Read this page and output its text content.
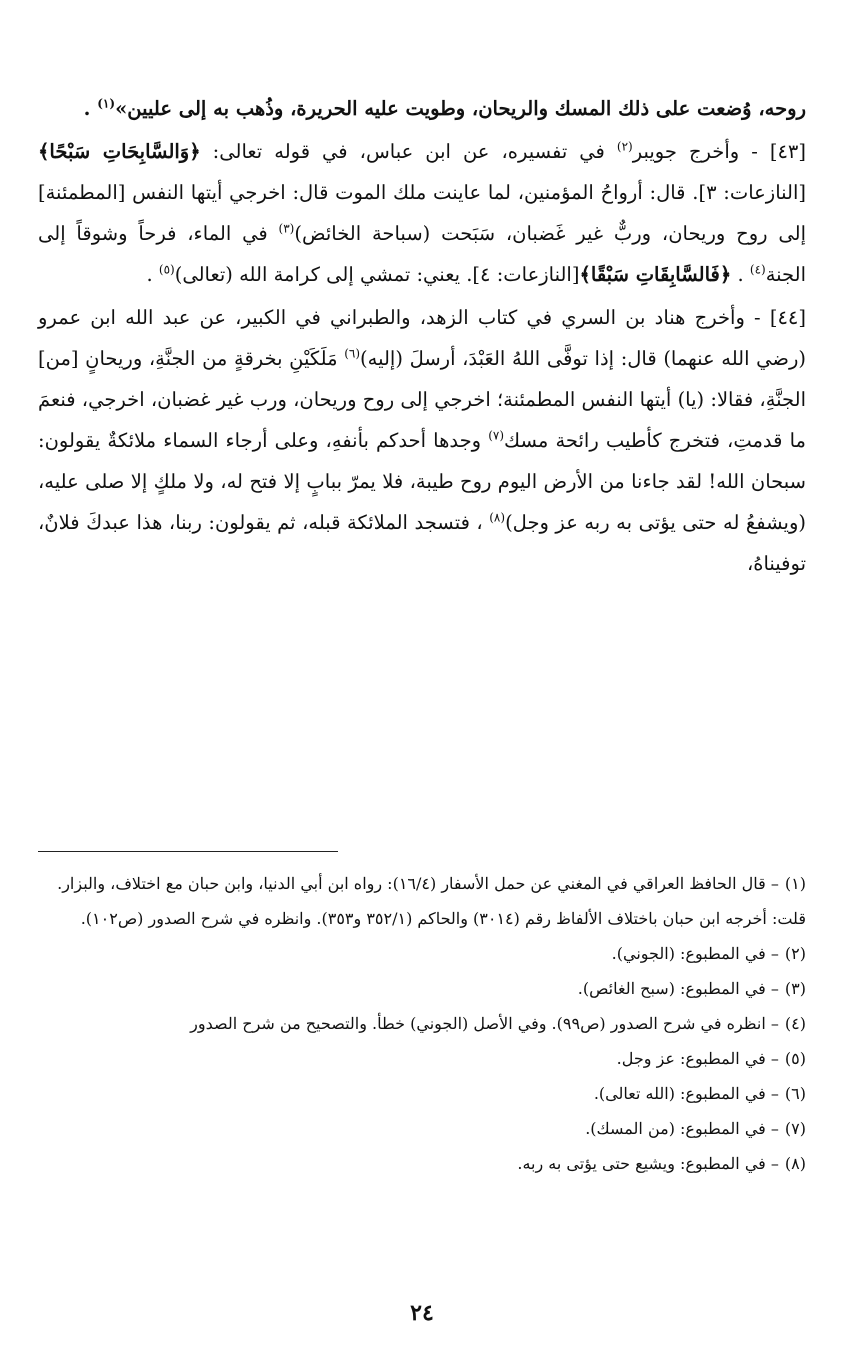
روحه، وُضعت على ذلك المسك والريحان، وطويت عليه الحريرة، وذُهب به إلى عليين»$^{(١)}$ .

[٤٣] - وأخرج جويبر$^{(٢)}$ في تفسيره، عن ابن عباس، في قوله تعالى: ﴿وَالسَّابِحَاتِ سَبْحًا﴾[النازعات: ٣]. قال: أرواحُ المؤمنين، لما عاينت ملك الموت قال: اخرجي أيتها النفس [المطمئنة] إلى روح وريحان، وربٌّ غير غَضبان، سَبَحت (سباحة الخائض)$^{(٣)}$ في الماء، فرحاً وشوقاً إلى الجنة$^{(٤)}$ . ﴿فَالسَّابِقَاتِ سَبْقًا﴾[النازعات: ٤]. يعني: تمشي إلى كرامة الله (تعالى)$^{(٥)}$ .

[٤٤] - وأخرج هناد بن السري في كتاب الزهد، والطبراني في الكبير، عن عبد الله ابن عمرو (رضي الله عنهما) قال: إذا توفَّى اللهُ العَبْدَ، أرسلَ (إليه)$^{(٦)}$ مَلَكَيْنِ بخرقةٍ من الجنَّةِ، وريحانٍ [من] الجنَّةِ، فقالا: (يا) أيتها النفس المطمئنة؛ اخرجي إلى روح وريحان، ورب غير غضبان، اخرجي، فنعمَ ما قدمتِ، فتخرج كأطيب رائحة مسك$^{(٧)}$ وجدها أحدكم بأنفهِ، وعلى أرجاء السماء ملائكةٌ يقولون: سبحان الله! لقد جاءنا من الأرض اليوم روح طيبة، فلا يمرّ ببابٍ إلا فتح له، ولا ملكٍ إلا صلى عليه، (ويشفعُ له حتى يؤتى به ربه عز وجل)$^{(٨)}$ ، فتسجد الملائكة قبله، ثم يقولون: ربنا، هذا عبدكَ فلانٌ، توفيناهُ،

(١)– قال الحافظ العراقي في المغني عن حمل الأسفار (١٦/٤): رواه ابن أبي الدنيا، وابن حبان مع اختلاف، والبزار. قلت: أخرجه ابن حبان باختلاف الألفاظ رقم (٣٠١٤) والحاكم (٣٥٢/١ و٣٥٣). وانظره في شرح الصدور (ص١٠٢).

(٢)– في المطبوع: (الجوني).

(٣)– في المطبوع: (سبح الغائص).

(٤)– انظره في شرح الصدور (ص٩٩). وفي الأصل (الجوني) خطأ. والتصحيح من شرح الصدور

(٥)– في المطبوع: عز وجل.

(٦)– في المطبوع: (الله تعالى).

(٧)– في المطبوع: (من المسك).

(٨)– في المطبوع: ويشيع حتى يؤتى به ربه.

٢٤
